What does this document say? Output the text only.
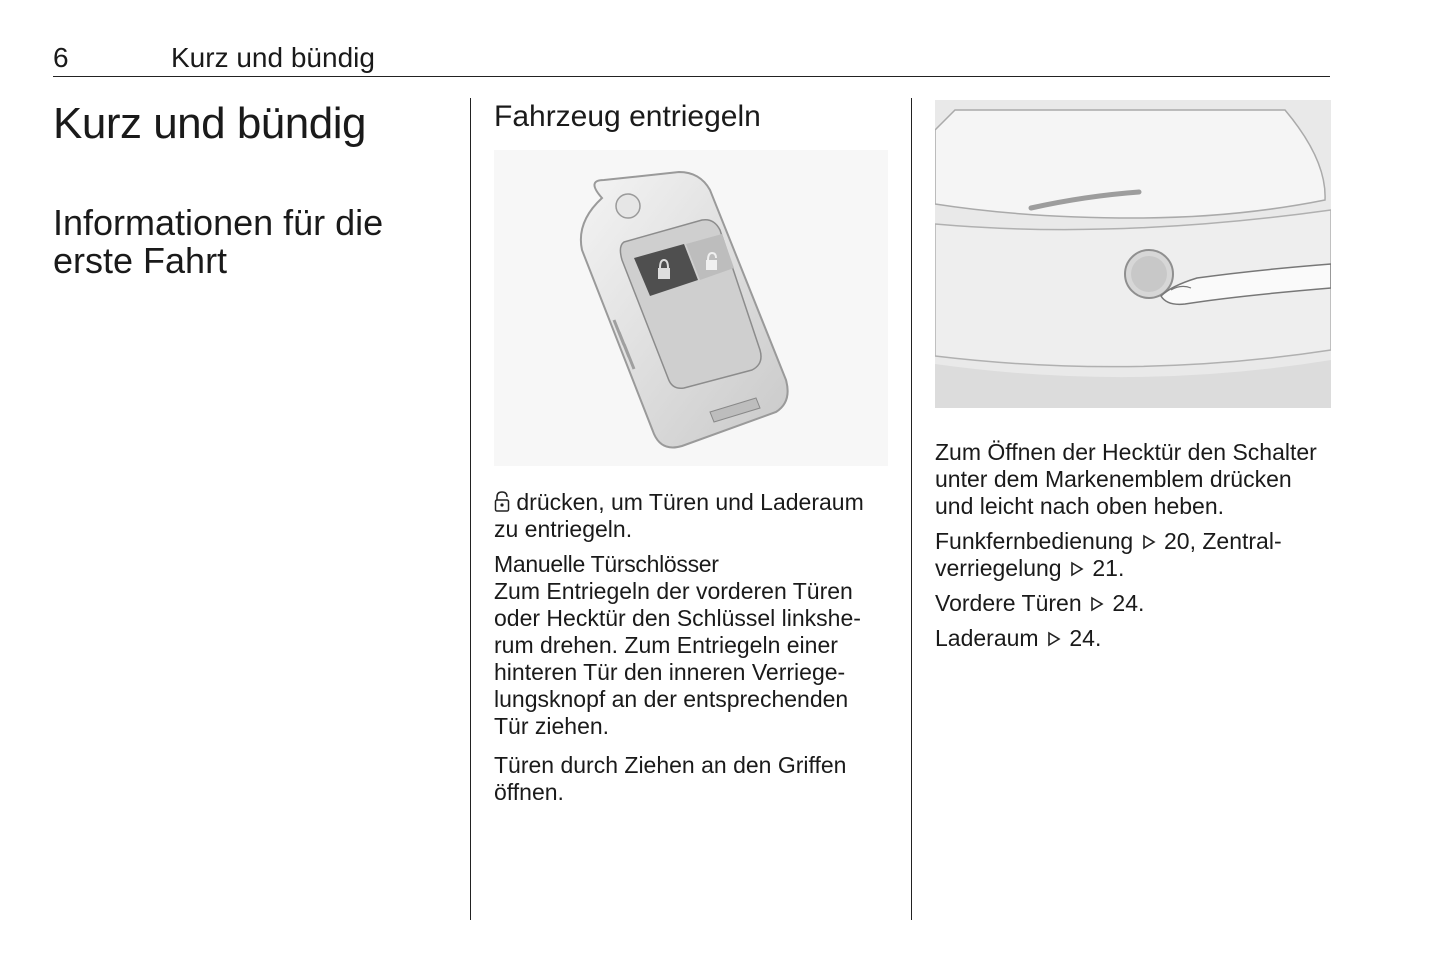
6	Kurz und bündig
Kurz und bündig
Informationen für die erste Fahrt
Fahrzeug entriegeln

drücken, um Türen und Laderaum zu entriegeln.

Manuelle Türschlösser

Zum Entriegeln der vorderen Türen

oder Hecktür den Schlüssel linkshe-

rum drehen. Zum Entriegeln einer

hinteren Tür den inneren Verriege-

lungsknopf an der entsprechenden

Tür ziehen.

Türen durch Ziehen an den Griffen

öffnen.

Zum Öffnen der Hecktür den Schalter

unter dem Markenemblem drücken

und leicht nach oben heben.

Funkfernbedienung 20, Zentral-

verriegelung 21.

Vordere Türen 24.

Laderaum 24.
